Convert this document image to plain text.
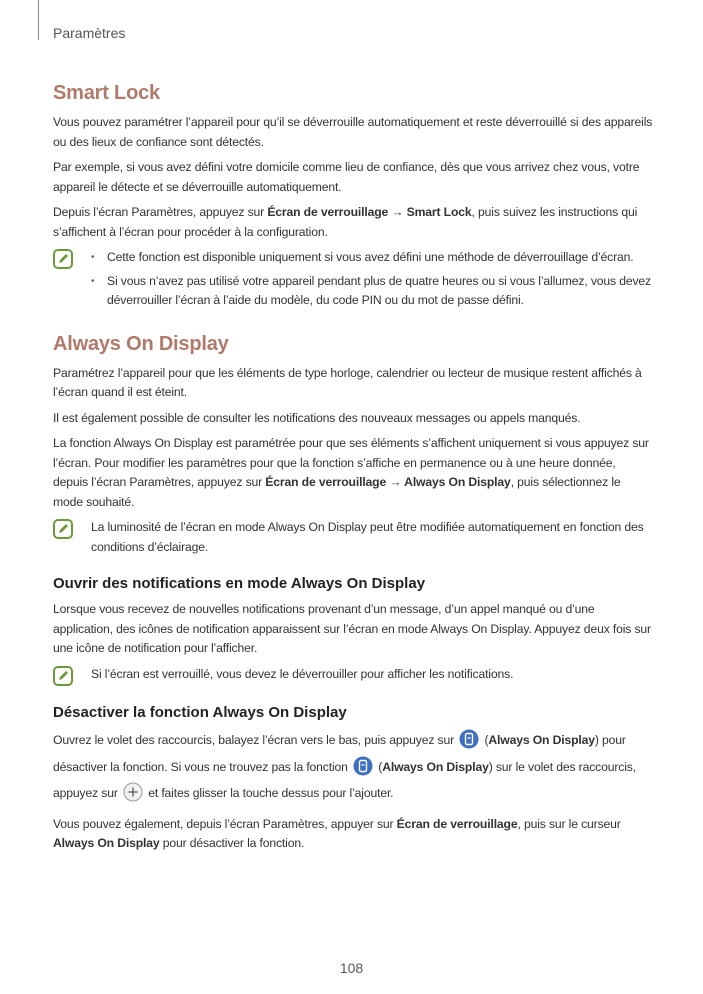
Paramètres
Smart Lock

Vous pouvez paramétrer l’appareil pour qu’il se déverrouille automatiquement et reste déverrouillé si des appareils ou des lieux de confiance sont détectés.

Par exemple, si vous avez défini votre domicile comme lieu de confiance, dès que vous arrivez chez vous, votre appareil le détecte et se déverrouille automatiquement.

Depuis l’écran Paramètres, appuyez sur Écran de verrouillage → Smart Lock, puis suivez les instructions qui s’affichent à l’écran pour procéder à la configuration.

• Cette fonction est disponible uniquement si vous avez défini une méthode de déverrouillage d’écran.
• Si vous n’avez pas utilisé votre appareil pendant plus de quatre heures ou si vous l’allumez, vous devez déverrouiller l’écran à l’aide du modèle, du code PIN ou du mot de passe défini.
Always On Display

Paramétrez l’appareil pour que les éléments de type horloge, calendrier ou lecteur de musique restent affichés à l’écran quand il est éteint.

Il est également possible de consulter les notifications des nouveaux messages ou appels manqués.

La fonction Always On Display est paramétrée pour que ses éléments s’affichent uniquement si vous appuyez sur l’écran. Pour modifier les paramètres pour que la fonction s’affiche en permanence ou à une heure donnée, depuis l’écran Paramètres, appuyez sur Écran de verrouillage → Always On Display, puis sélectionnez le mode souhaité.

La luminosité de l’écran en mode Always On Display peut être modifiée automatiquement en fonction des conditions d’éclairage.

Ouvrir des notifications en mode Always On Display

Lorsque vous recevez de nouvelles notifications provenant d’un message, d’un appel manqué ou d’une application, des icônes de notification apparaissent sur l’écran en mode Always On Display. Appuyez deux fois sur une icône de notification pour l’afficher.

Si l’écran est verrouillé, vous devez le déverrouiller pour afficher les notifications.

Désactiver la fonction Always On Display

Ouvrez le volet des raccourcis, balayez l’écran vers le bas, puis appuyez sur  (Always On Display) pour désactiver la fonction. Si vous ne trouvez pas la fonction  (Always On Display) sur le volet des raccourcis, appuyez sur  et faites glisser la touche dessus pour l’ajouter.

Vous pouvez également, depuis l’écran Paramètres, appuyer sur Écran de verrouillage, puis sur le curseur Always On Display pour désactiver la fonction.

108
